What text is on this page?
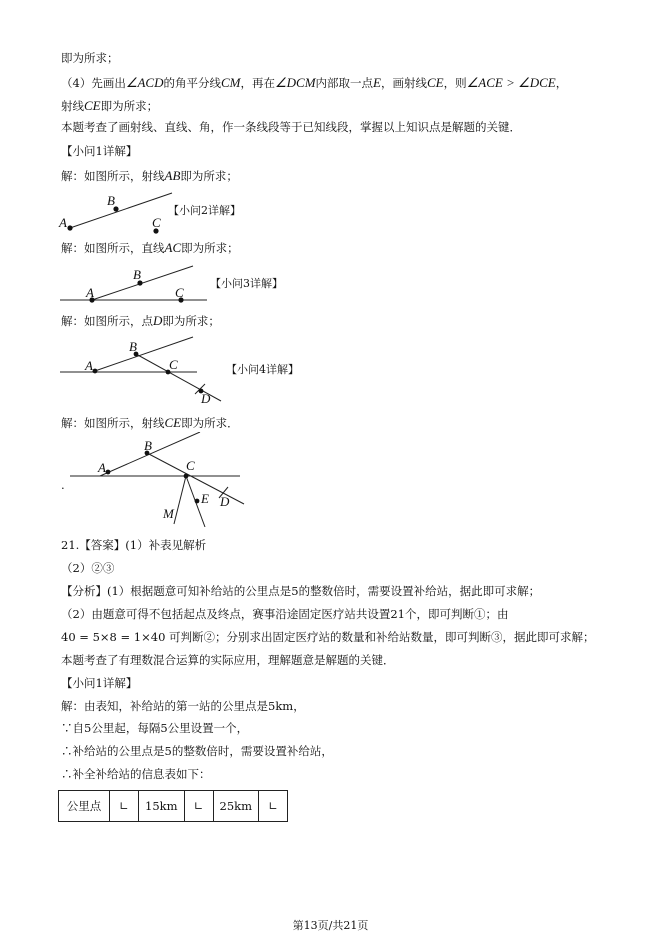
即为所求；
（4）先画出∠ACD的角平分线CM，再在∠DCM内部取一点E，画射线CE，则∠ACE > ∠DCE，
射线CE即为所求；
本题考查了画射线、直线、角，作一条线段等于已知线段，掌握以上知识点是解题的关键．
【小问1详解】
解：如图所示，射线AB即为所求；
A
B
C
【小问2详解】
解：如图所示，直线AC即为所求；
A
B
C
【小问3详解】
解：如图所示，点D即为所求；
A
B
C
D
【小问4详解】
解：如图所示，射线CE即为所求．
A
B
C
D
E
M
.
21.【答案】(1）补表见解析
（2）②③
【分析】(1）根据题意可知补给站的公里点是5的整数倍时，需要设置补给站，据此即可求解；
（2）由题意可得不包括起点及终点，赛事沿途固定医疗站共设置21个，即可判断①；由
40 = 5×8 = 1×40 可判断②；分别求出固定医疗站的数量和补给站数量，即可判断③，据此即可求解；
本题考查了有理数混合运算的实际应用，理解题意是解题的关键．
【小问1详解】
解：由表知，补给站的第一站的公里点是5km，
∵自5公里起，每隔5公里设置一个，
∴补给站的公里点是5的整数倍时，需要设置补给站，
∴补全补给站的信息表如下：
公里点	∟	15km	∟	25km	∟
第13页/共21页
